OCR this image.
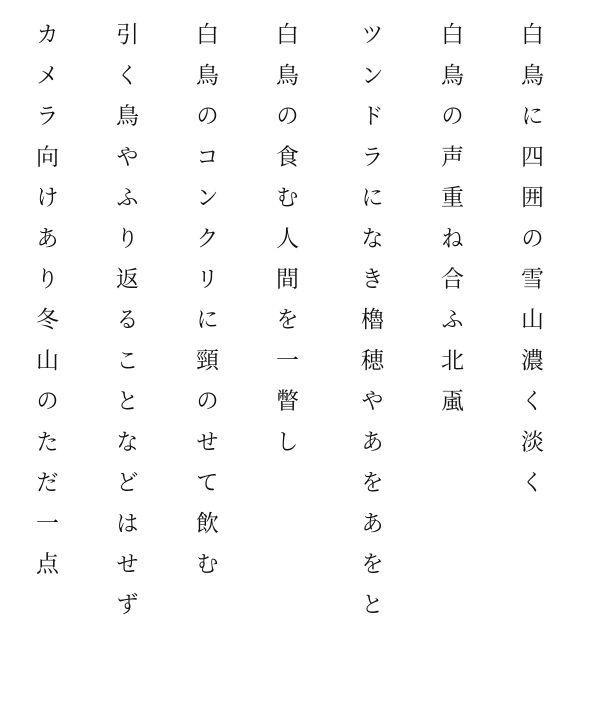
白鳥に四囲の雪山濃く淡く
白鳥の声重ね合ふ北颪
ツンドラになき櫓穂やあをあをと
白鳥の食む人間を一瞥し
白鳥のコンクリに頸のせて飲む
引く鳥やふり返ることなどはせず
カメラ向けあり冬山のただ一点
